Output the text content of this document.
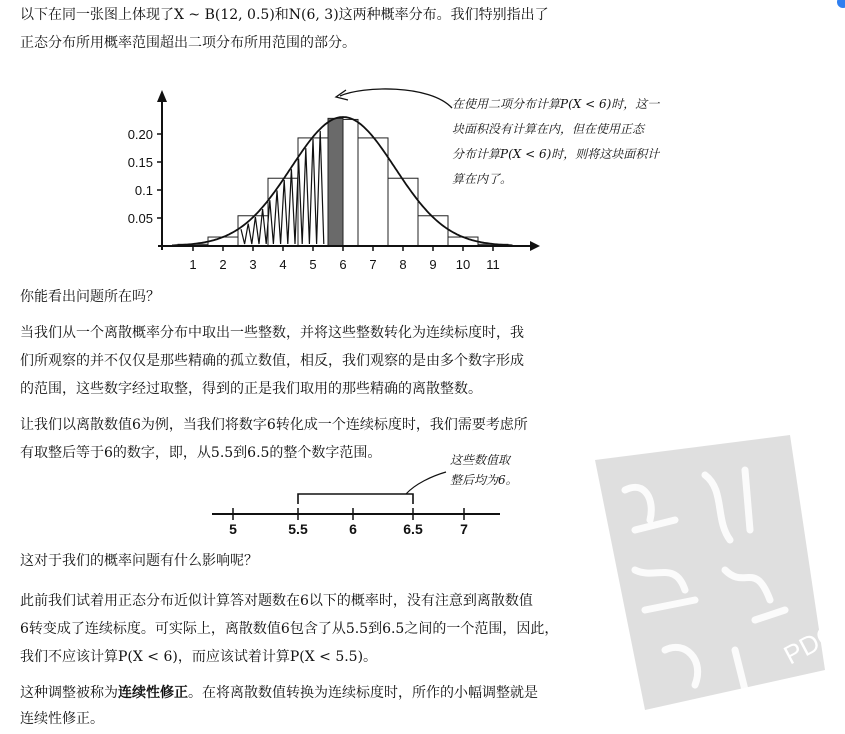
以下在同一张图上体现了X ~ B(12, 0.5)和N(6, 3)这两种概率分布。我们特别指出了

正态分布所用概率范围超出二项分布所用范围的部分。

0.05
0.1
0.15
0.20
1 2 3 4 5 6 7 8 9 10 11
在使用二项分布计算P(X < 6)时，这一
块面积没有计算在内，但在使用正态
分布计算P(X < 6)时，则将这块面积计
算在内了。

你能看出问题所在吗？

当我们从一个离散概率分布中取出一些整数，并将这些整数转化为连续标度时，我

们所观察的并不仅仅是那些精确的孤立数值，相反，我们观察的是由多个数字形成

的范围，这些数字经过取整，得到的正是我们取用的那些精确的离散整数。

让我们以离散数值6为例，当我们将数字6转化成一个连续标度时，我们需要考虑所

有取整后等于6的数字，即，从5.5到6.5的整个数字范围。

5	5.5	6	6.5	7
这些数值取
整后均为6。

这对于我们的概率问题有什么影响呢？

此前我们试着用正态分布近似计算答对题数在6以下的概率时，没有注意到离散数值

6转变成了连续标度。可实际上，离散数值6包含了从5.5到6.5之间的一个范围，因此，

我们不应该计算P(X < 6)，而应该试着计算P(X < 5.5)。

这种调整被称为连续性修正。在将离散数值转换为连续标度时，所作的小幅调整就是

连续性修正。

PDG
